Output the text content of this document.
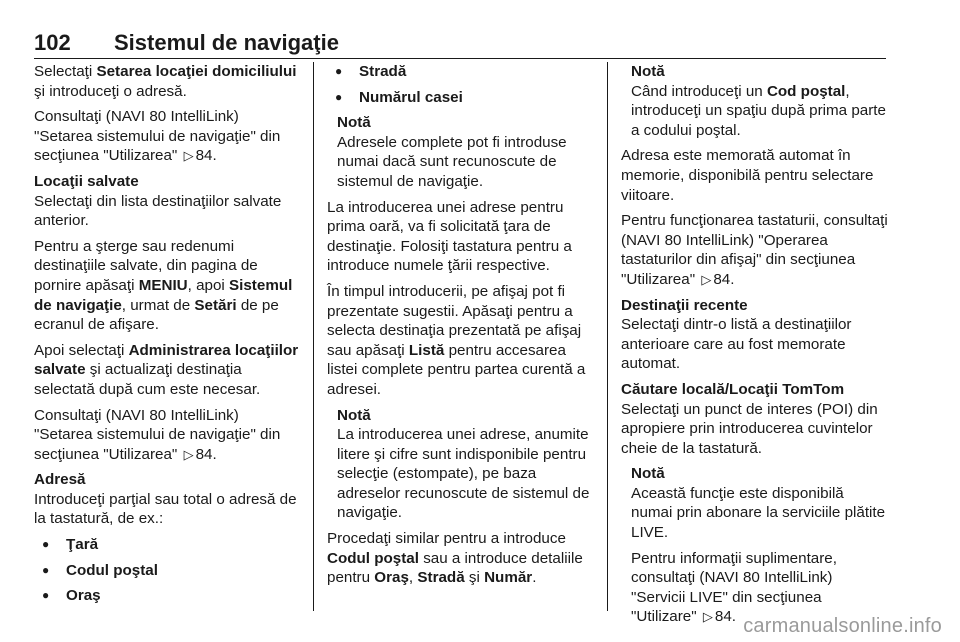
102 Sistemul de navigaţie

Selectaţi Setarea locaţiei domiciliului şi introduceţi o adresă.

Consultaţi (NAVI 80 IntelliLink) "Setarea sistemului de navigaţie" din secţiunea "Utilizarea" ▷ 84.

Locaţii salvate

Selectaţi din lista destinaţiilor salvate anterior.

Pentru a şterge sau redenumi destinaţiile salvate, din pagina de pornire apăsaţi MENIU, apoi Sistemul de navigaţie, urmat de Setări de pe ecranul de afişare.

Apoi selectaţi Administrarea locaţiilor salvate şi actualizaţi destinaţia selectată după cum este necesar.

Consultaţi (NAVI 80 IntelliLink) "Setarea sistemului de navigaţie" din secţiunea "Utilizarea" ▷ 84.

Adresă

Introduceţi parţial sau total o adresă de la tastatură, de ex.:

● Ţară
● Codul poştal
● Oraş
● Stradă
● Numărul casei
Notă

Adresele complete pot fi introduse numai dacă sunt recunoscute de sistemul de navigaţie.

La introducerea unei adrese pentru prima oară, va fi solicitată ţara de destinaţie. Folosiţi tastatura pentru a introduce numele ţării respective.

În timpul introducerii, pe afişaj pot fi prezentate sugestii. Apăsaţi pentru a selecta destinaţia prezentată pe afişaj sau apăsaţi Listă pentru accesarea listei complete pentru partea curentă a adresei.

Notă

La introducerea unei adrese, anumite litere şi cifre sunt indisponibile pentru selecţie (estompate), pe baza adreselor recunoscute de sistemul de navigaţie.

Procedaţi similar pentru a introduce Codul poştal sau a introduce detaliile pentru Oraş, Stradă şi Număr.

Notă

Când introduceţi un Cod poştal, introduceţi un spaţiu după prima parte a codului poştal.

Adresa este memorată automat în memorie, disponibilă pentru selectare viitoare.

Pentru funcţionarea tastaturii, consultaţi (NAVI 80 IntelliLink) "Operarea tastaturilor din afişaj" din secţiunea "Utilizarea" ▷ 84.

Destinaţii recente

Selectaţi dintr-o listă a destinaţiilor anterioare care au fost memorate automat.

Căutare locală/Locaţii TomTom

Selectaţi un punct de interes (POI) din apropiere prin introducerea cuvintelor cheie de la tastatură.

Notă

Această funcţie este disponibilă numai prin abonare la serviciile plătite LIVE.

Pentru informaţii suplimentare, consultaţi (NAVI 80 IntelliLink) "Servicii LIVE" din secţiunea "Utilizare" ▷ 84. carmanualsonline.info
